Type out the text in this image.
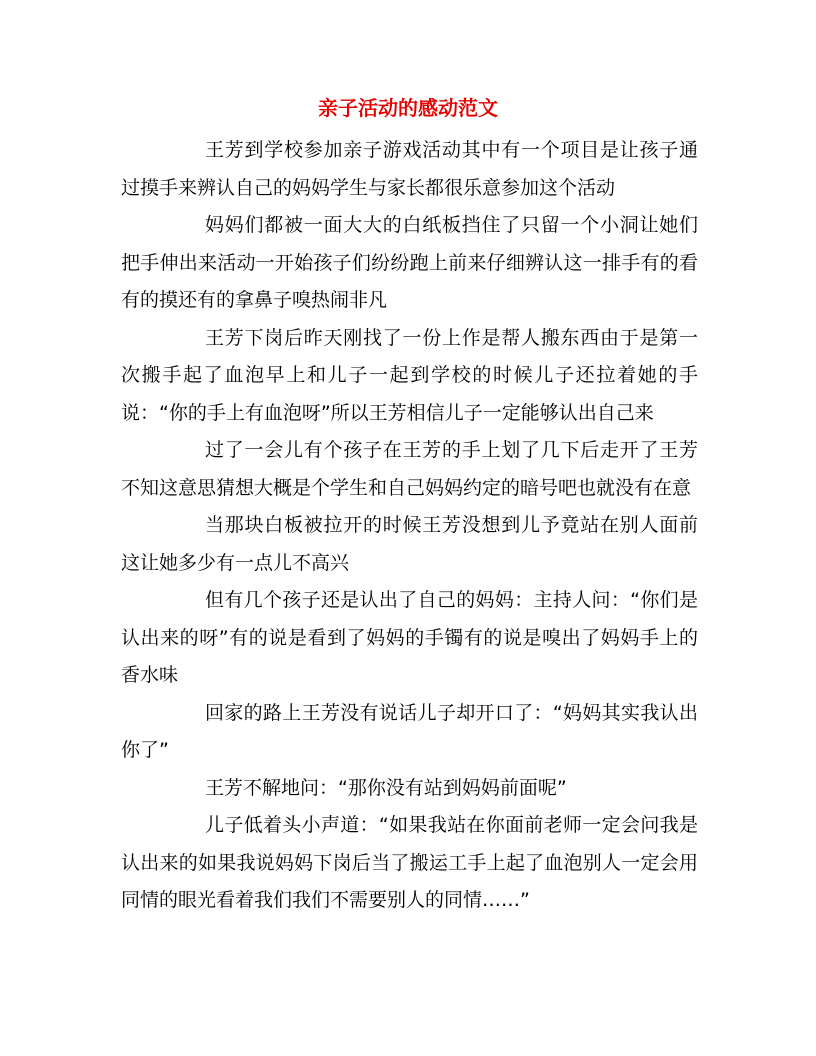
亲子活动的感动范文

王芳到学校参加亲子游戏活动其中有一个项目是让孩子通过摸手来辨认自己的妈妈学生与家长都很乐意参加这个活动

妈妈们都被一面大大的白纸板挡住了只留一个小洞让她们把手伸出来活动一开始孩子们纷纷跑上前来仔细辨认这一排手有的看有的摸还有的拿鼻子嗅热闹非凡

王芳下岗后昨天刚找了一份上作是帮人搬东西由于是第一次搬手起了血泡早上和儿子一起到学校的时候儿子还拉着她的手说：“你的手上有血泡呀”所以王芳相信儿子一定能够认出自己来

过了一会儿有个孩子在王芳的手上划了几下后走开了王芳不知这意思猜想大概是个学生和自己妈妈约定的暗号吧也就没有在意

当那块白板被拉开的时候王芳没想到儿予竟站在别人面前这让她多少有一点儿不高兴

但有几个孩子还是认出了自己的妈妈：主持人问：“你们是认出来的呀”有的说是看到了妈妈的手镯有的说是嗅出了妈妈手上的香水味

回家的路上王芳没有说话儿子却开口了：“妈妈其实我认出你了”

王芳不解地问：“那你没有站到妈妈前面呢”

儿子低着头小声道：“如果我站在你面前老师一定会问我是认出来的如果我说妈妈下岗后当了搬运工手上起了血泡别人一定会用同情的眼光看着我们我们不需要别人的同情……”
